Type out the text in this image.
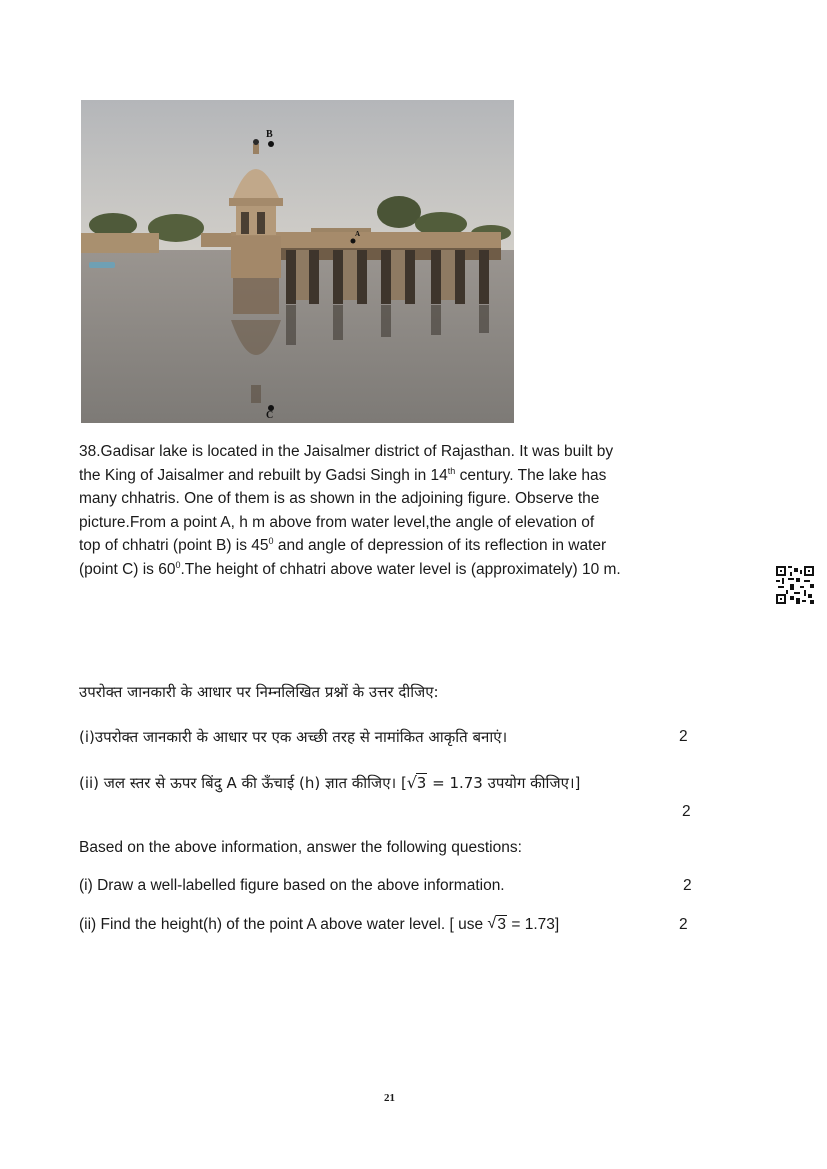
B
A
C
38.Gadisar lake is located in the Jaisalmer district of Rajasthan. It was built by
the King of Jaisalmer and rebuilt by Gadsi Singh in 14th century. The lake has
many chhatris. One of them is as shown in the adjoining figure. Observe the
picture.From a point A, h m above from water level,the angle of elevation of
top of chhatri (point B) is $45^0$ and angle of depression of its reflection in water
(point C) is $60^0.The$ height of chhatri above water level is (approximately) 10 m.
उपरोक्त जानकारी के आधार पर निम्नलिखित प्रश्नों के उत्तर दीजिए:
(i)उपरोक्त जानकारी के आधार पर एक अच्छी तरह से नामांकित आकृति बनाएं।	2
(ii) जल स्तर से ऊपर बिंदु A की ऊँचाई (h) ज्ञात कीजिए। [ √ 3 = 1.73 उपयोग कीजिए।]
2
Based on the above information, answer the following questions:
(i) Draw a well-labelled figure based on the above information.	2
(ii) Find the height(h) of the point A above water level. [ use √ 3 = 1.73]	2
21
